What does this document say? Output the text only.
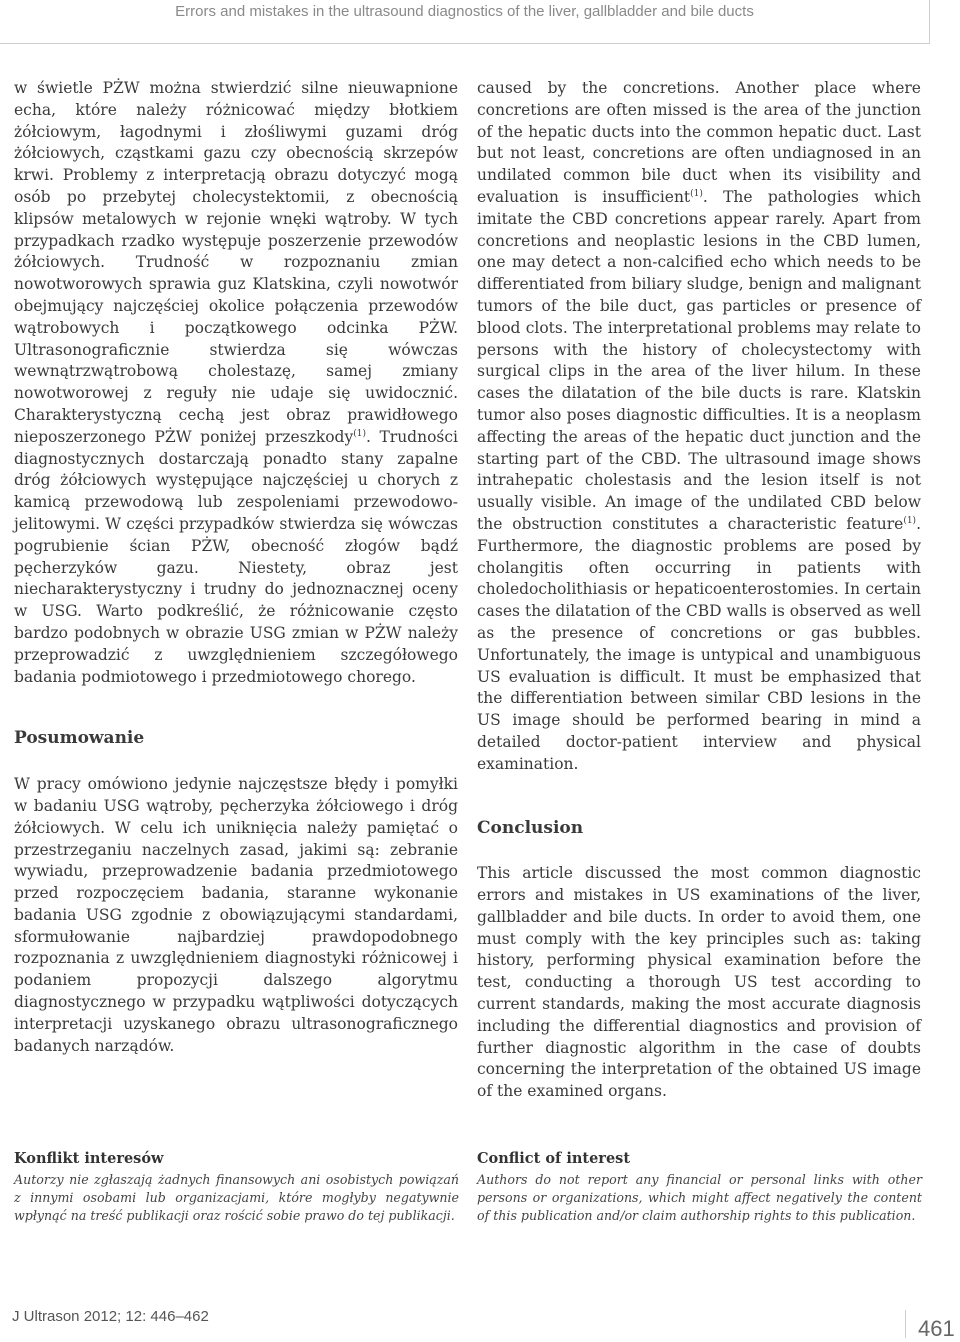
Errors and mistakes in the ultrasound diagnostics of the liver, gallbladder and bile ducts

w świetle PŻW można stwierdzić silne nieuwapnione echa, które należy różnicować między błotkiem żółciowym, łagodnymi i złośliwymi guzami dróg żółciowych, cząstkami gazu czy obecnością skrzepów krwi. Problemy z interpretacją obrazu dotyczyć mogą osób po przebytej cholecystektomii, z obecnością klipsów metalowych w rejonie wnęki wątroby. W tych przypadkach rzadko występuje poszerzenie przewodów żółciowych. Trudność w rozpoznaniu zmian nowotworowych sprawia guz Klatskina, czyli nowotwór obejmujący najczęściej okolice połączenia przewodów wątrobowych i początkowego odcinka PŻW. Ultrasonograficznie stwierdza się wówczas wewnątrzwątrobową cholestazę, samej zmiany nowotworowej z reguły nie udaje się uwidocznić. Charakterystyczną cechą jest obraz prawidłowego nieposzerzonego PŻW poniżej przeszkody$^{(1)}$. Trudności diagnostycznych dostarczają ponadto stany zapalne dróg żółciowych występujące najczęściej u chorych z kamicą przewodową lub zespoleniami przewodowo-jelitowymi. W części przypadków stwierdza się wówczas pogrubienie ścian PŻW, obecność złogów bądź pęcherzyków gazu. Niestety, obraz jest niecharakterystyczny i trudny do jednoznacznej oceny w USG. Warto podkreślić, że różnicowanie często bardzo podobnych w obrazie USG zmian w PŻW należy przeprowadzić z uwzględnieniem szczegółowego badania podmiotowego i przedmiotowego chorego.

Posumowanie

W pracy omówiono jedynie najczęstsze błędy i pomyłki w badaniu USG wątroby, pęcherzyka żółciowego i dróg żółciowych. W celu ich uniknięcia należy pamiętać o przestrzeganiu naczelnych zasad, jakimi są: zebranie wywiadu, przeprowadzenie badania przedmiotowego przed rozpoczęciem badania, staranne wykonanie badania USG zgodnie z obowiązującymi standardami, sformułowanie najbardziej prawdopodobnego rozpoznania z uwzględnieniem diagnostyki różnicowej i podaniem propozycji dalszego algorytmu diagnostycznego w przypadku wątpliwości dotyczących interpretacji uzyskanego obrazu ultrasonograficznego badanych narządów.

caused by the concretions. Another place where concretions are often missed is the area of the junction of the hepatic ducts into the common hepatic duct. Last but not least, concretions are often undiagnosed in an undilated common bile duct when its visibility and evaluation is insufficient$^{(1)}$. The pathologies which imitate the CBD concretions appear rarely. Apart from concretions and neoplastic lesions in the CBD lumen, one may detect a non-calcified echo which needs to be differentiated from biliary sludge, benign and malignant tumors of the bile duct, gas particles or presence of blood clots. The interpretational problems may relate to persons with the history of cholecystectomy with surgical clips in the area of the liver hilum. In these cases the dilatation of the bile ducts is rare. Klatskin tumor also poses diagnostic difficulties. It is a neoplasm affecting the areas of the hepatic duct junction and the starting part of the CBD. The ultrasound image shows intrahepatic cholestasis and the lesion itself is not usually visible. An image of the undilated CBD below the obstruction constitutes a characteristic feature$^{(1)}$. Furthermore, the diagnostic problems are posed by cholangitis often occurring in patients with choledocholithiasis or hepaticoenterostomies. In certain cases the dilatation of the CBD walls is observed as well as the presence of concretions or gas bubbles. Unfortunately, the image is untypical and unambiguous US evaluation is difficult. It must be emphasized that the differentiation between similar CBD lesions in the US image should be performed bearing in mind a detailed doctor-patient interview and physical examination.

Conclusion

This article discussed the most common diagnostic errors and mistakes in US examinations of the liver, gallbladder and bile ducts. In order to avoid them, one must comply with the key principles such as: taking history, performing physical examination before the test, conducting a thorough US test according to current standards, making the most accurate diagnosis including the differential diagnostics and provision of further diagnostic algorithm in the case of doubts concerning the interpretation of the obtained US image of the examined organs.

Konflikt interesów

Autorzy nie zgłaszają żadnych finansowych ani osobistych powiązań z innymi osobami lub organizacjami, które mogłyby negatywnie wpłynąć na treść publikacji oraz rościć sobie prawo do tej publikacji.

Conflict of interest

Authors do not report any financial or personal links with other persons or organizations, which might affect negatively the content of this publication and/or claim authorship rights to this publication.

J Ultrason 2012; 12: 446–462	461
